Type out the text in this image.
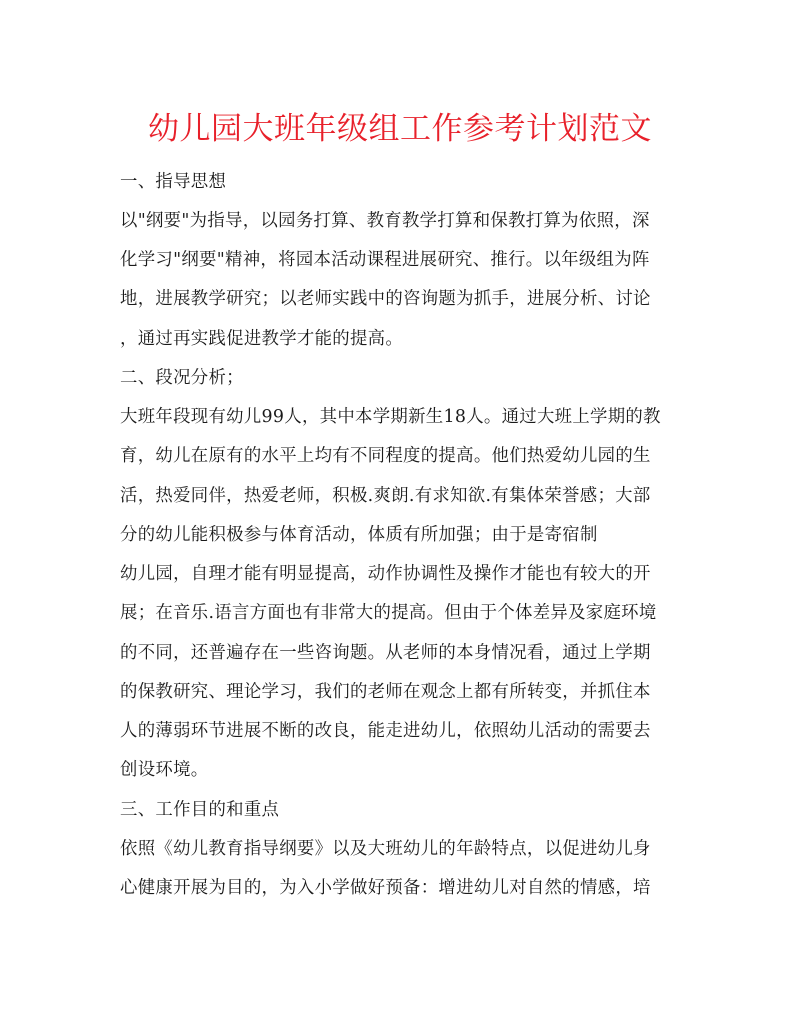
幼儿园大班年级组工作参考计划范文
一、指导思想
以"纲要"为指导，以园务打算、教育教学打算和保教打算为依照，深
化学习"纲要"精神，将园本活动课程进展研究、推行。以年级组为阵
地，进展教学研究；以老师实践中的咨询题为抓手，进展分析、讨论
，通过再实践促进教学才能的提高。
二、段况分析；
大班年段现有幼儿99人，其中本学期新生18人。通过大班上学期的教
育，幼儿在原有的水平上均有不同程度的提高。他们热爱幼儿园的生
活，热爱同伴，热爱老师，积极.爽朗.有求知欲.有集体荣誉感；大部
分的幼儿能积极参与体育活动，体质有所加强；由于是寄宿制
幼儿园，自理才能有明显提高，动作协调性及操作才能也有较大的开
展；在音乐.语言方面也有非常大的提高。但由于个体差异及家庭环境
的不同，还普遍存在一些咨询题。从老师的本身情况看，通过上学期
的保教研究、理论学习，我们的老师在观念上都有所转变，并抓住本
人的薄弱环节进展不断的改良，能走进幼儿，依照幼儿活动的需要去
创设环境。
三、工作目的和重点
依照《幼儿教育指导纲要》以及大班幼儿的年龄特点，以促进幼儿身
心健康开展为目的，为入小学做好预备：增进幼儿对自然的情感，培
